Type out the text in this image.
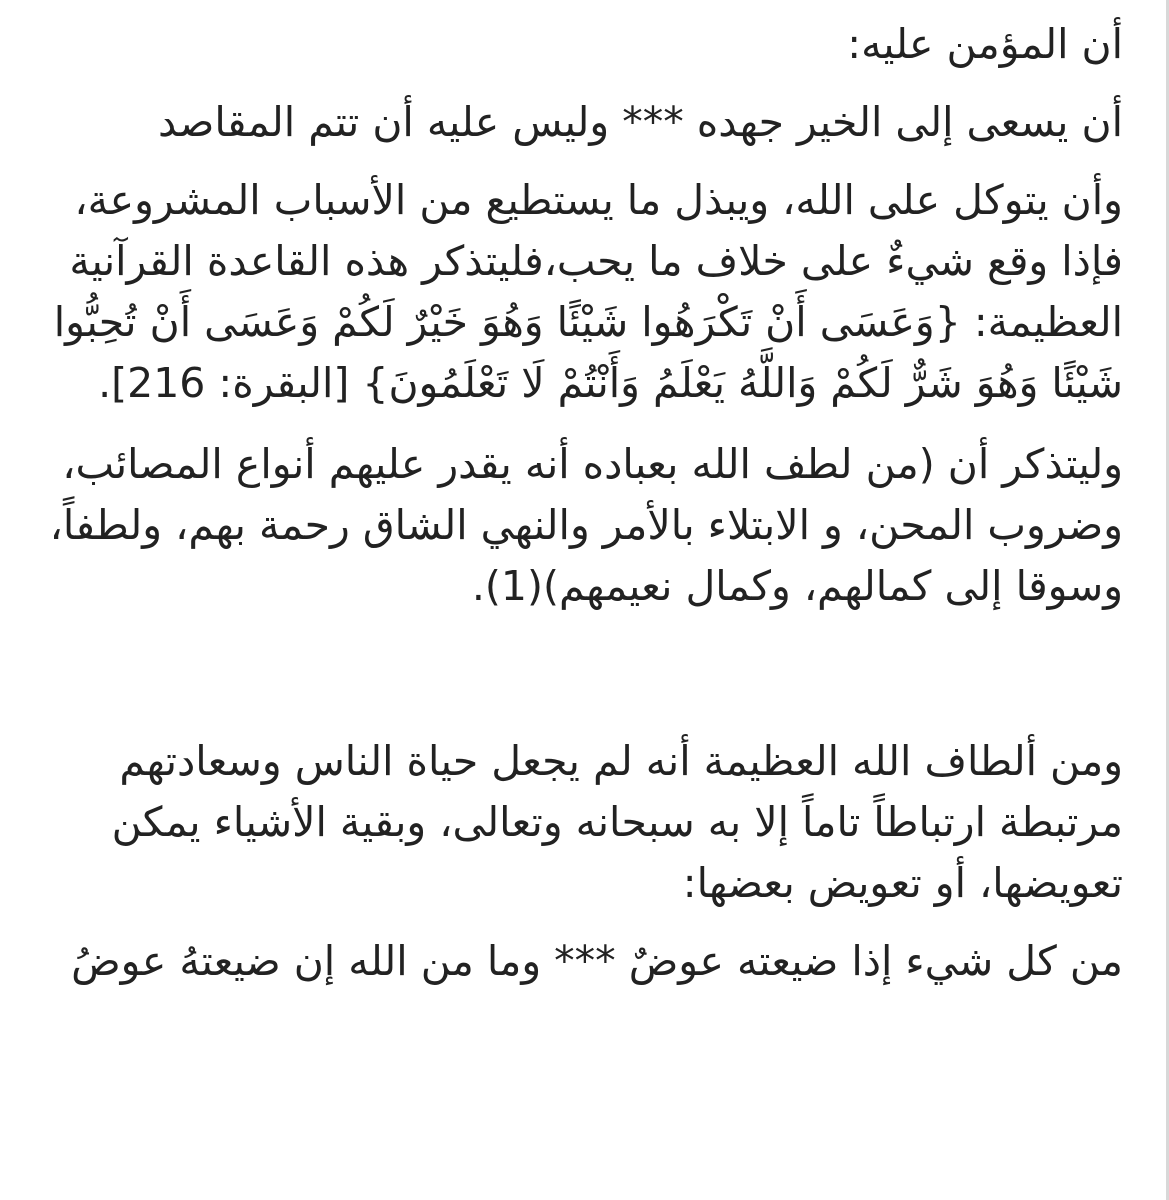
أن المؤمن عليه:

أن يسعى إلى الخير جهده *** وليس عليه أن تتم المقاصد

وأن يتوكل على الله، ويبذل ما يستطيع من الأسباب المشروعة، فإذا وقع شيءٌ على خلاف ما يحب،فليتذكر هذه القاعدة القرآنية العظيمة: {وَعَسَى أَنْ تَكْرَهُوا شَيْئًا وَهُوَ خَيْرٌ لَكُمْ وَعَسَى أَنْ تُحِبُّوا شَيْئًا وَهُوَ شَرٌّ لَكُمْ وَاللَّهُ يَعْلَمُ وَأَنْتُمْ لَا تَعْلَمُونَ} [البقرة: 216].

وليتذكر أن (من لطف الله بعباده أنه يقدر عليهم أنواع المصائب، وضروب المحن، و الابتلاء بالأمر والنهي الشاق رحمة بهم، ولطفاً، وسوقا إلى كمالهم، وكمال نعيمهم)(1).

ومن ألطاف الله العظيمة أنه لم يجعل حياة الناس وسعادتهم مرتبطة ارتباطاً تاماً إلا به سبحانه وتعالى، وبقية الأشياء يمكن تعويضها، أو تعويض بعضها:

من كل شيء إذا ضيعته عوضٌ *** وما من الله إن ضيعتهُ عوضُ
